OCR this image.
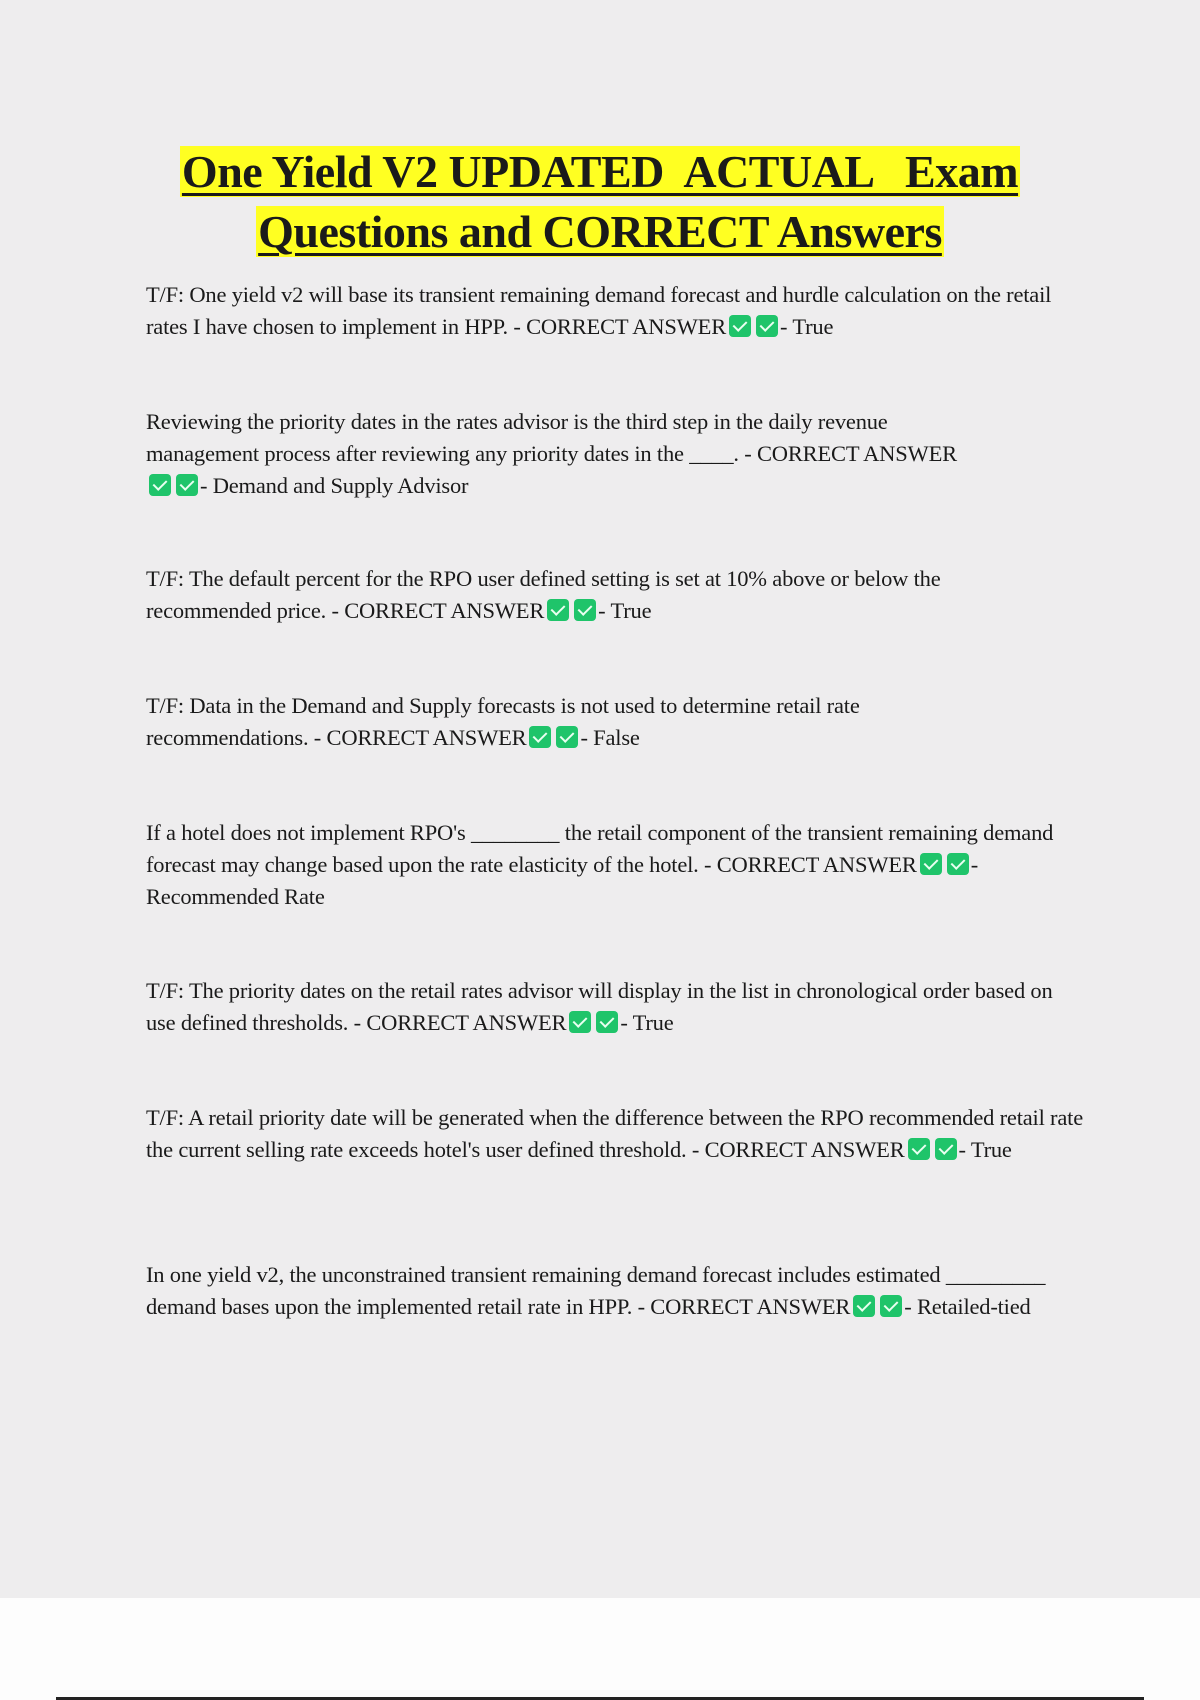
One Yield V2 UPDATED  ACTUAL   Exam
Questions and CORRECT Answers
T/F: One yield v2 will base its transient remaining demand forecast and hurdle calculation on the retail rates I have chosen to implement in HPP. - CORRECT ANSWER - True
Reviewing the priority dates in the rates advisor is the third step in the daily revenue management process after reviewing any priority dates in the ____. - CORRECT ANSWER- Demand and Supply Advisor
T/F: The default percent for the RPO user defined setting is set at 10% above or below the recommended price. - CORRECT ANSWER - True
T/F: Data in the Demand and Supply forecasts is not used to determine retail rate recommendations. - CORRECT ANSWER - False
If a hotel does not implement RPO's ________ the retail component of the transient remaining demand forecast may change based upon the rate elasticity of the hotel. - CORRECT ANSWER - Recommended Rate
T/F: The priority dates on the retail rates advisor will display in the list in chronological order based on use defined thresholds. - CORRECT ANSWER - True
T/F: A retail priority date will be generated when the difference between the RPO recommended retail rate the current selling rate exceeds hotel's user defined threshold. - CORRECT ANSWER - True
In one yield v2, the unconstrained transient remaining demand forecast includes estimated _________ demand bases upon the implemented retail rate in HPP. - CORRECT ANSWER - Retailed-tied
